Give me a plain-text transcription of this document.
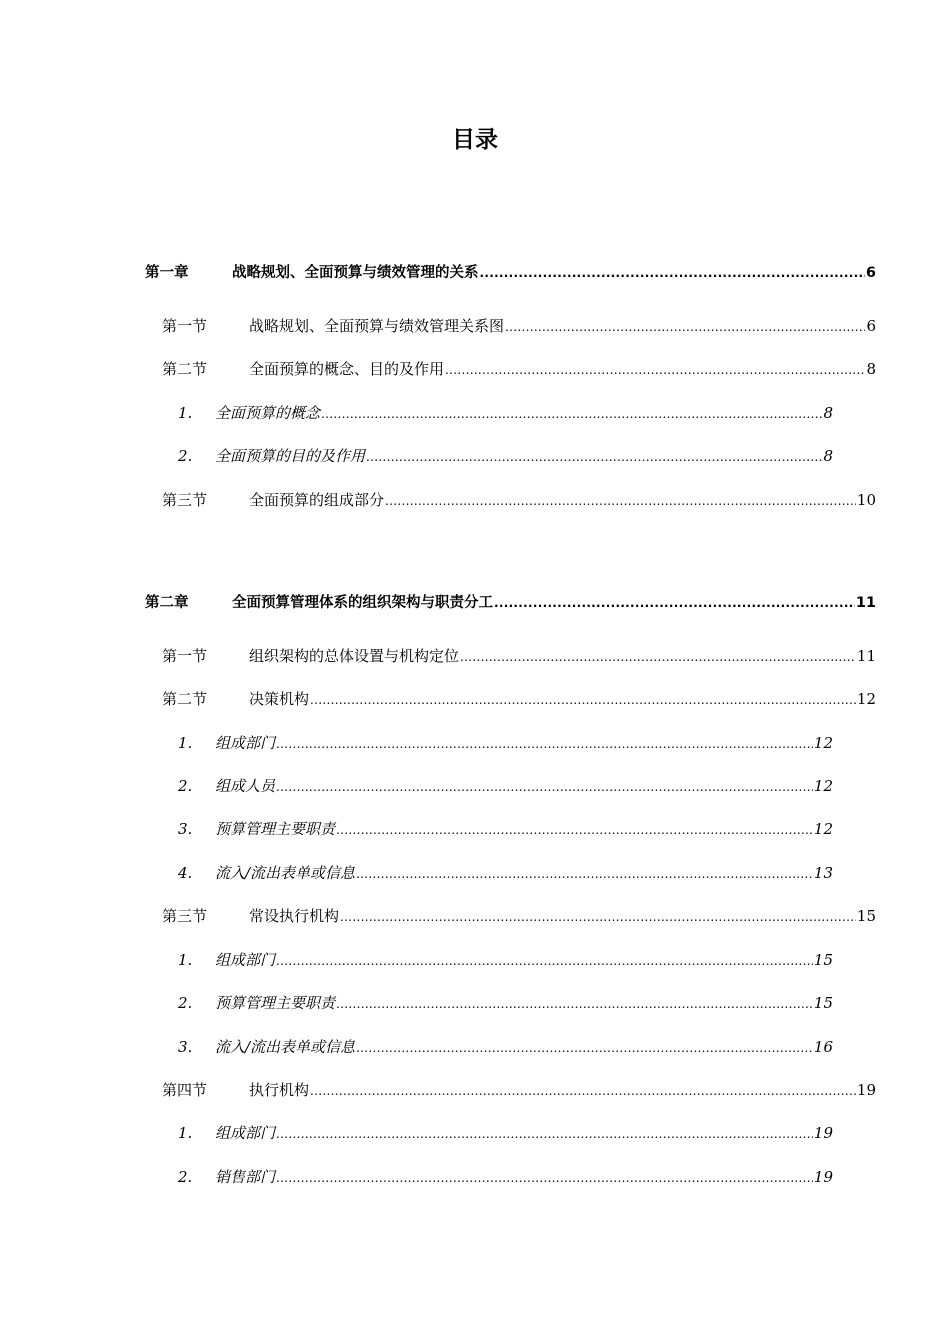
目录
第一章	战略规划、全面预算与绩效管理的关系 .....	6
第一节	战略规划、全面预算与绩效管理关系图 .....	6
第二节	全面预算的概念、目的及作用 .....	8
1.	全面预算的概念 .....	8
2.	全面预算的目的及作用 .....	8
第三节	全面预算的组成部分 .....	10
第二章	全面预算管理体系的组织架构与职责分工 .....	11
第一节	组织架构的总体设置与机构定位 .....	11
第二节	决策机构 .....	12
1.	组成部门 .....	12
2.	组成人员 .....	12
3.	预算管理主要职责 .....	12
4.	流入/流出表单或信息 .....	13
第三节	常设执行机构 .....	15
1.	组成部门 .....	15
2.	预算管理主要职责 .....	15
3.	流入/流出表单或信息 .....	16
第四节	执行机构 .....	19
1.	组成部门 .....	19
2.	销售部门 .....	19
